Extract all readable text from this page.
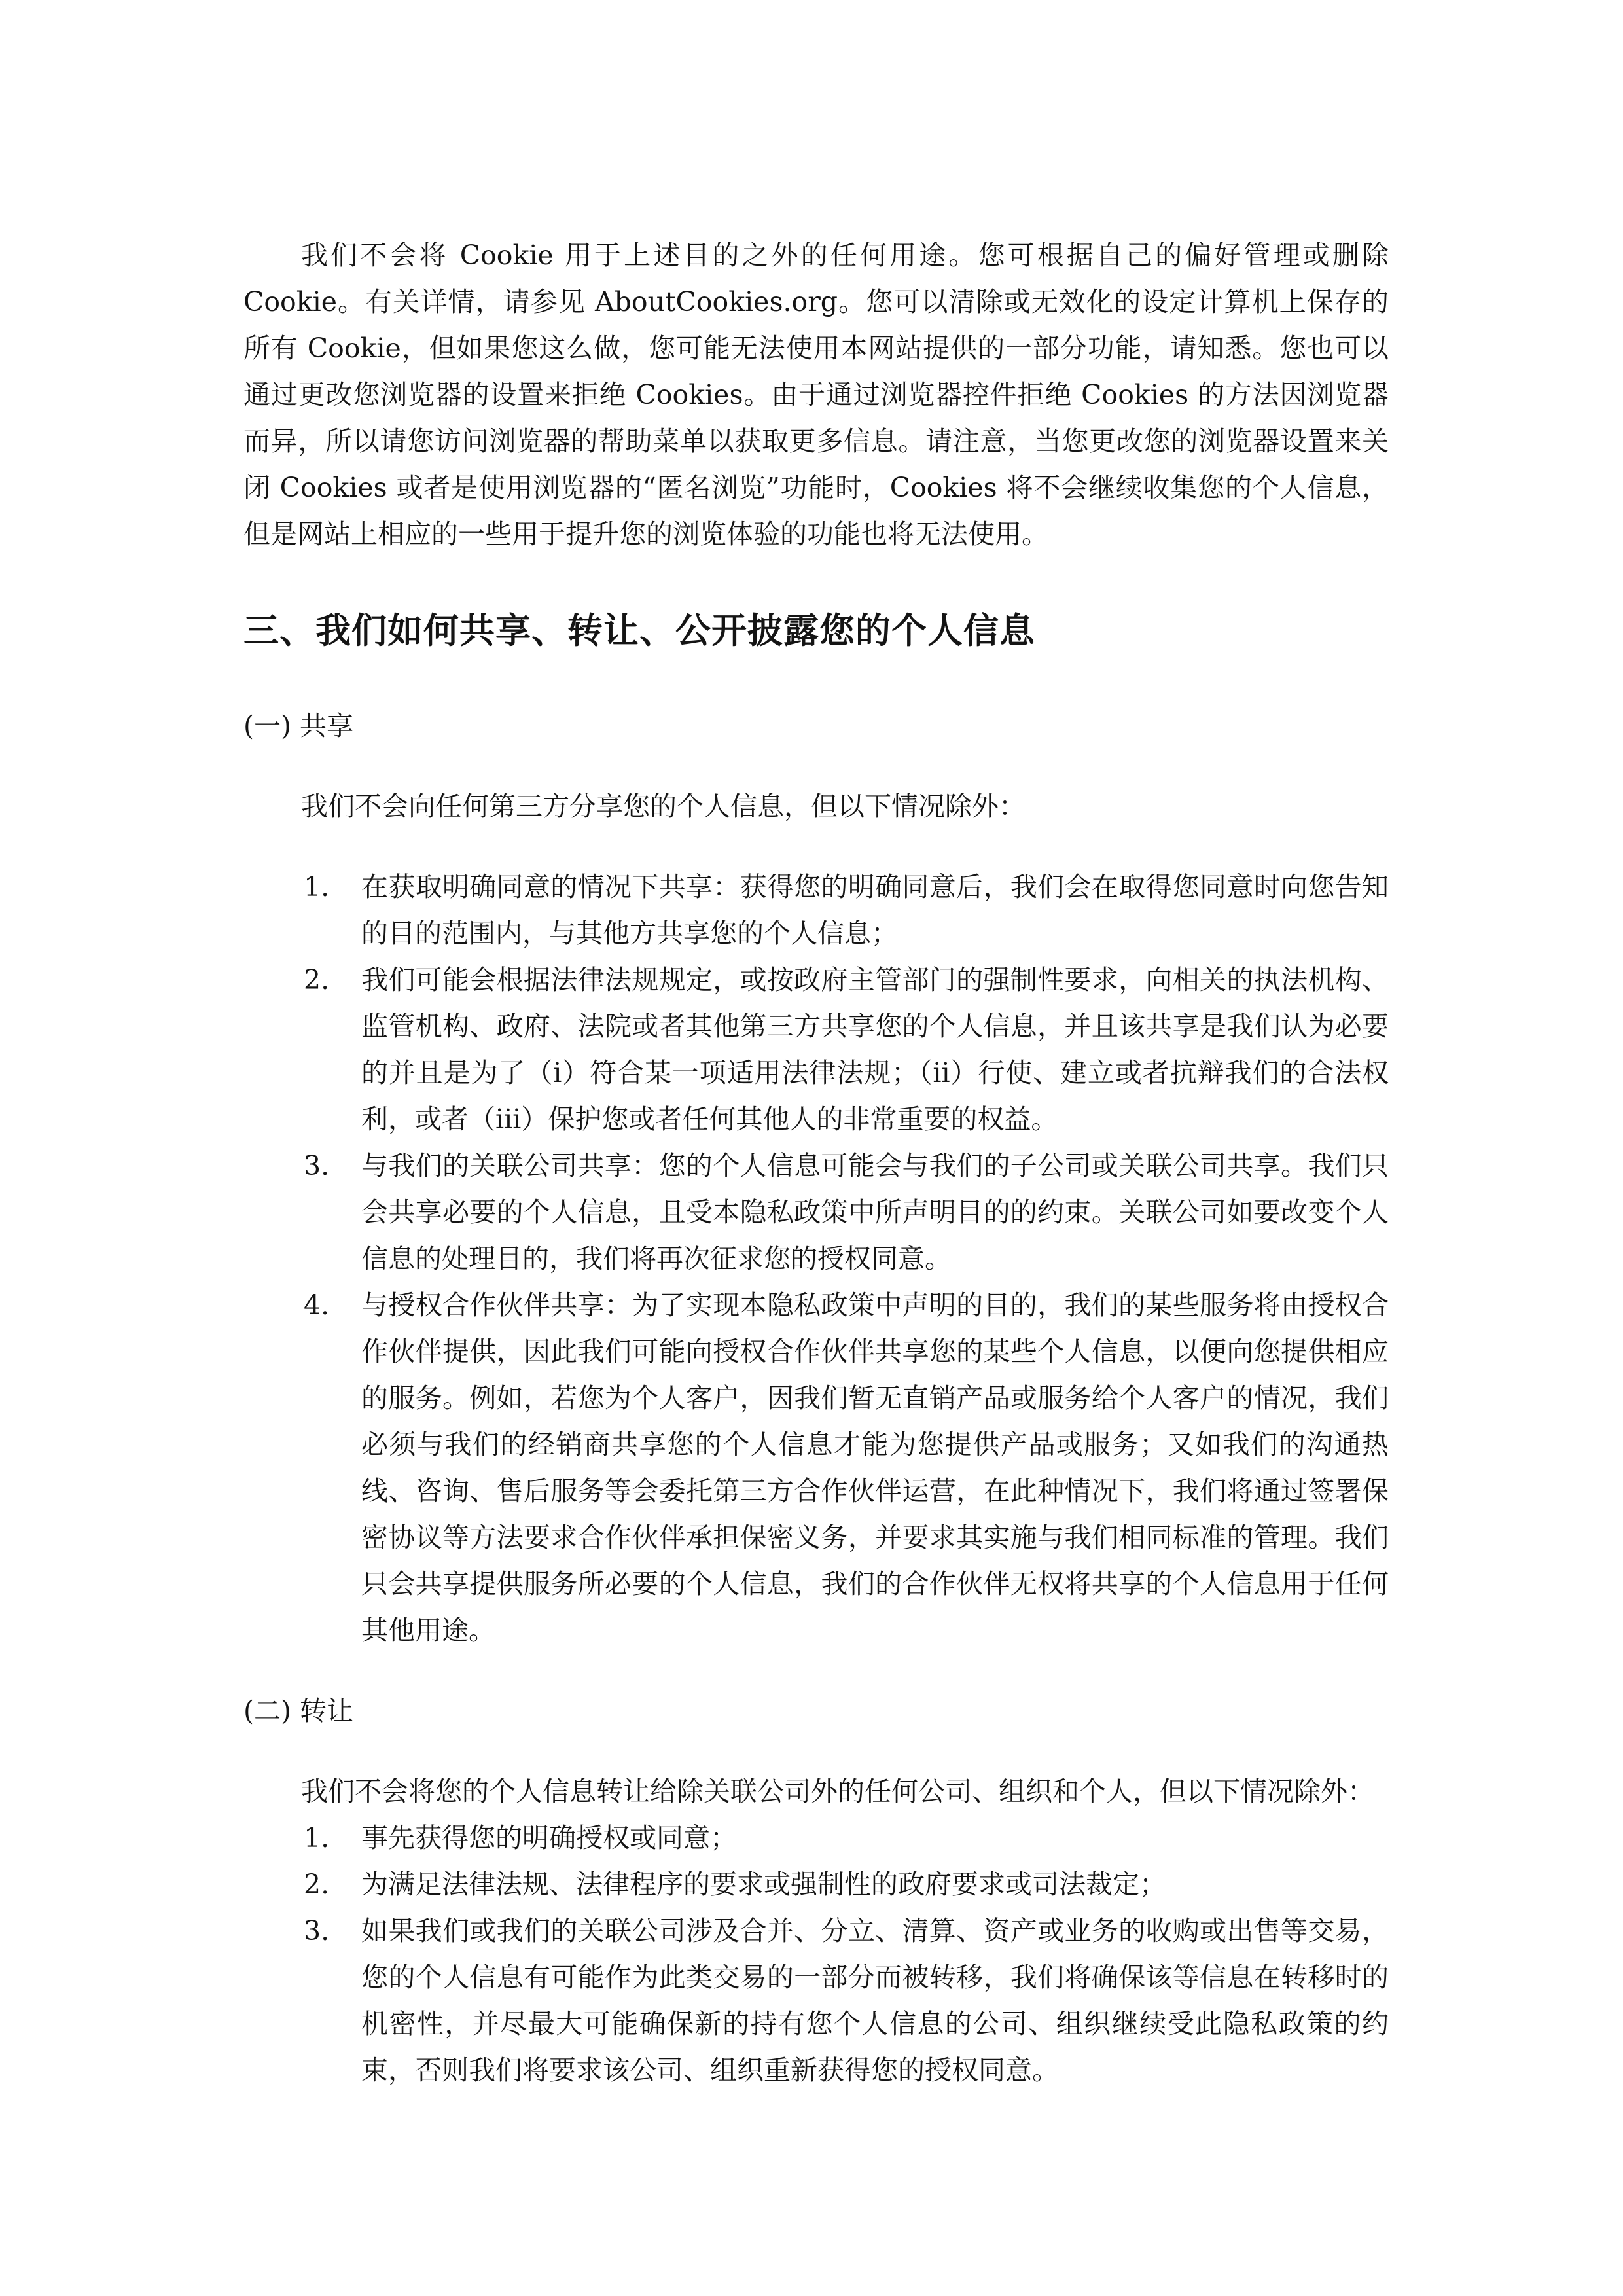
我们不会将 Cookie 用于上述目的之外的任何用途。您可根据自己的偏好管理或删除 Cookie。有关详情，请参见 AboutCookies.org。您可以清除或无效化的设定计算机上保存的所有 Cookie，但如果您这么做，您可能无法使用本网站提供的一部分功能，请知悉。您也可以通过更改您浏览器的设置来拒绝 Cookies。由于通过浏览器控件拒绝 Cookies 的方法因浏览器而异，所以请您访问浏览器的帮助菜单以获取更多信息。请注意，当您更改您的浏览器设置来关闭 Cookies 或者是使用浏览器的“匿名浏览”功能时，Cookies 将不会继续收集您的个人信息，但是网站上相应的一些用于提升您的浏览体验的功能也将无法使用。

三、我们如何共享、转让、公开披露您的个人信息

(一) 共享

我们不会向任何第三方分享您的个人信息，但以下情况除外：

1. 在获取明确同意的情况下共享：获得您的明确同意后，我们会在取得您同意时向您告知的目的范围内，与其他方共享您的个人信息；
2. 我们可能会根据法律法规规定，或按政府主管部门的强制性要求，向相关的执法机构、监管机构、政府、法院或者其他第三方共享您的个人信息，并且该共享是我们认为必要的并且是为了（i）符合某一项适用法律法规；（ii）行使、建立或者抗辩我们的合法权利，或者（iii）保护您或者任何其他人的非常重要的权益。
3. 与我们的关联公司共享：您的个人信息可能会与我们的子公司或关联公司共享。我们只会共享必要的个人信息，且受本隐私政策中所声明目的的约束。关联公司如要改变个人信息的处理目的，我们将再次征求您的授权同意。
4. 与授权合作伙伴共享：为了实现本隐私政策中声明的目的，我们的某些服务将由授权合作伙伴提供，因此我们可能向授权合作伙伴共享您的某些个人信息，以便向您提供相应的服务。例如，若您为个人客户，因我们暂无直销产品或服务给个人客户的情况，我们必须与我们的经销商共享您的个人信息才能为您提供产品或服务；又如我们的沟通热线、咨询、售后服务等会委托第三方合作伙伴运营，在此种情况下，我们将通过签署保密协议等方法要求合作伙伴承担保密义务，并要求其实施与我们相同标准的管理。我们只会共享提供服务所必要的个人信息，我们的合作伙伴无权将共享的个人信息用于任何其他用途。

(二) 转让

我们不会将您的个人信息转让给除关联公司外的任何公司、组织和个人，但以下情况除外：

1. 事先获得您的明确授权或同意；
2. 为满足法律法规、法律程序的要求或强制性的政府要求或司法裁定；
3. 如果我们或我们的关联公司涉及合并、分立、清算、资产或业务的收购或出售等交易，您的个人信息有可能作为此类交易的一部分而被转移，我们将确保该等信息在转移时的机密性，并尽最大可能确保新的持有您个人信息的公司、组织继续受此隐私政策的约束，否则我们将要求该公司、组织重新获得您的授权同意。
